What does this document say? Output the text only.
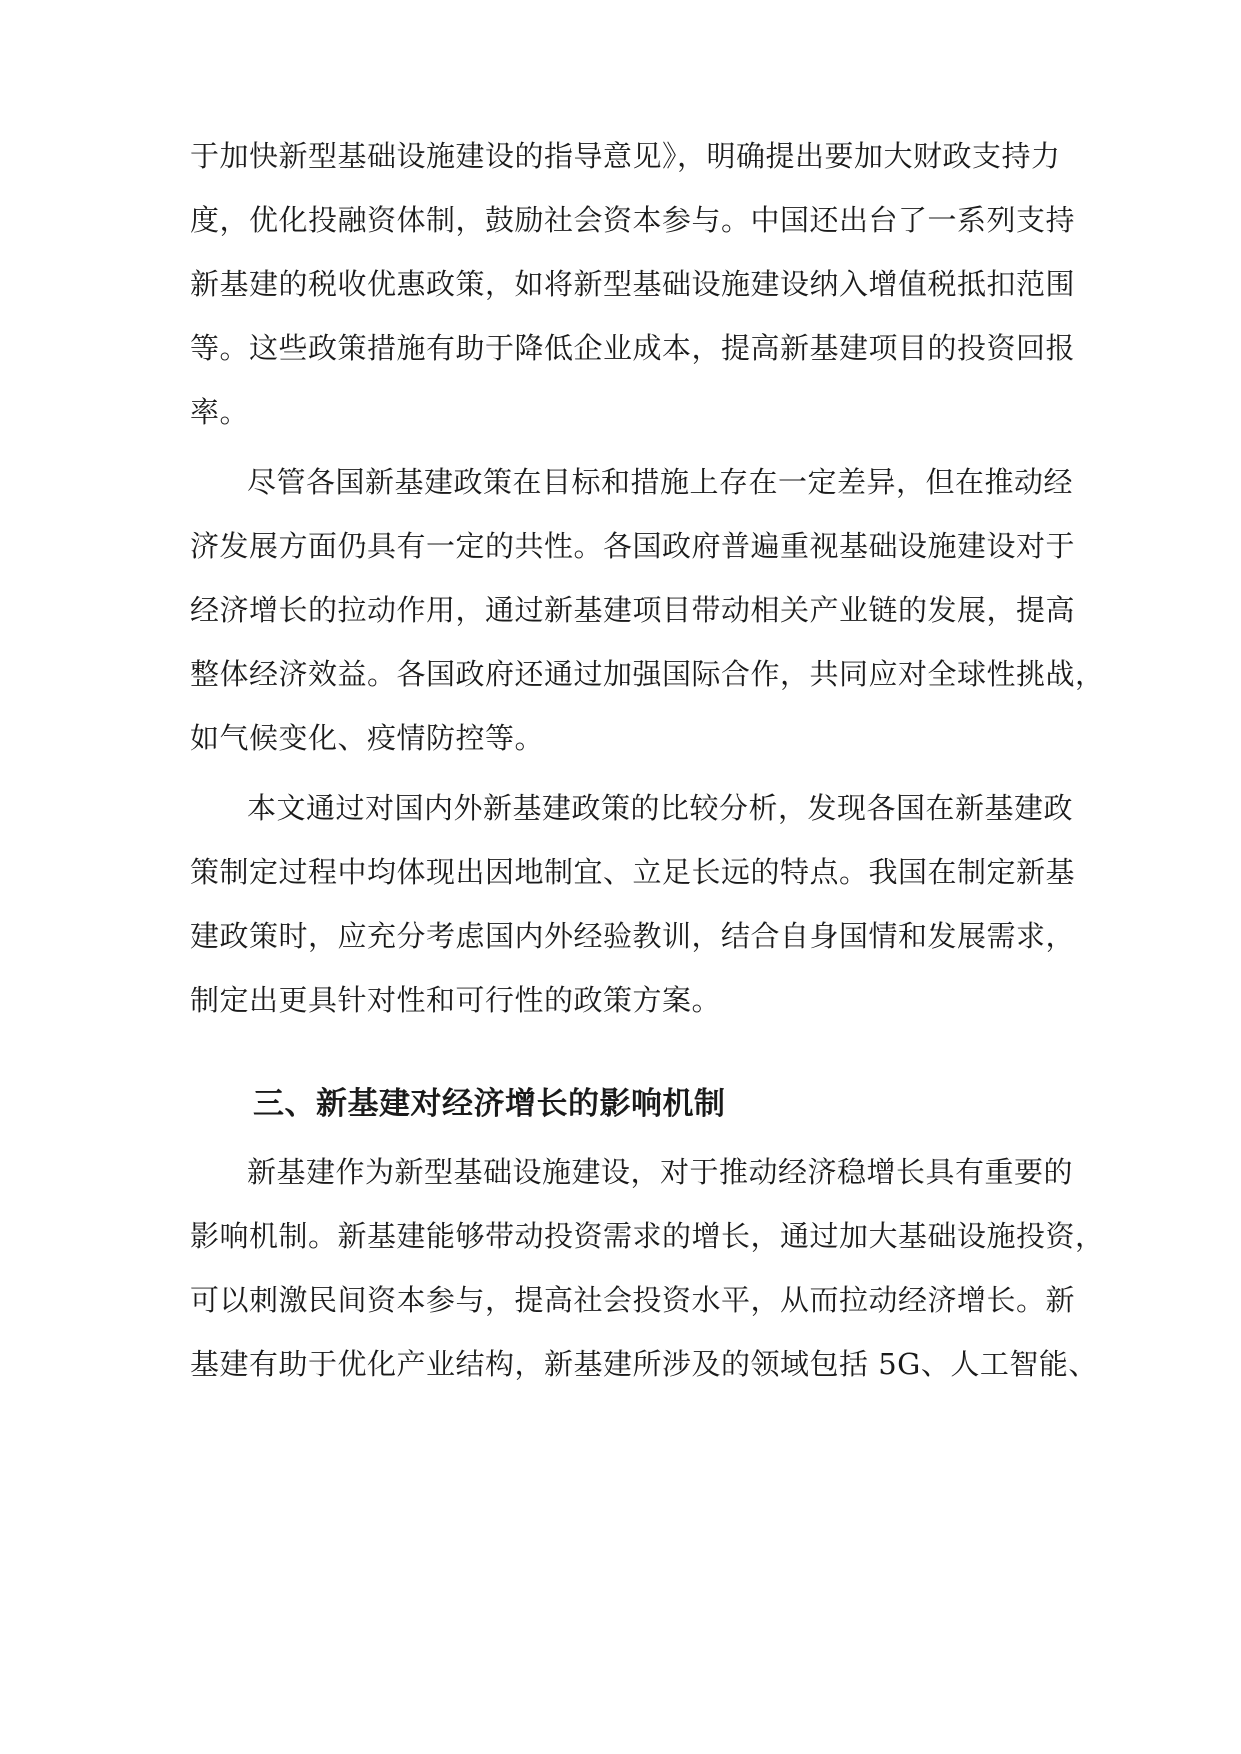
于加快新型基础设施建设的指导意见》，明确提出要加大财政支持力
度，优化投融资体制，鼓励社会资本参与。中国还出台了一系列支持
新基建的税收优惠政策，如将新型基础设施建设纳入增值税抵扣范围
等。这些政策措施有助于降低企业成本，提高新基建项目的投资回报
率。
尽管各国新基建政策在目标和措施上存在一定差异，但在推动经
济发展方面仍具有一定的共性。各国政府普遍重视基础设施建设对于
经济增长的拉动作用，通过新基建项目带动相关产业链的发展，提高
整体经济效益。各国政府还通过加强国际合作，共同应对全球性挑战，
如气候变化、疫情防控等。
本文通过对国内外新基建政策的比较分析，发现各国在新基建政
策制定过程中均体现出因地制宜、立足长远的特点。我国在制定新基
建政策时，应充分考虑国内外经验教训，结合自身国情和发展需求，
制定出更具针对性和可行性的政策方案。
三、新基建对经济增长的影响机制
新基建作为新型基础设施建设，对于推动经济稳增长具有重要的
影响机制。新基建能够带动投资需求的增长，通过加大基础设施投资，
可以刺激民间资本参与，提高社会投资水平，从而拉动经济增长。新
基建有助于优化产业结构，新基建所涉及的领域包括 5G、人工智能、
